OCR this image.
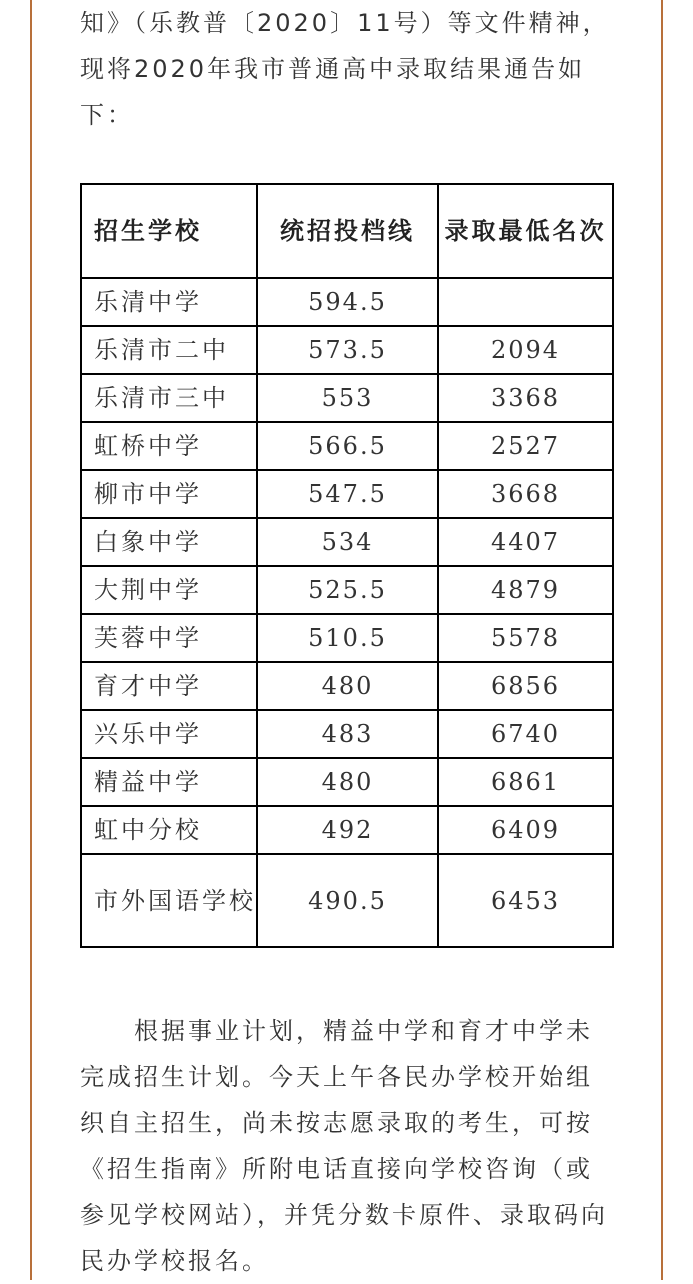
知》（乐教普〔2020〕11号）等文件精神，现将2020年我市普通高中录取结果通告如下：

招生学校	统招投档线	录取最低名次
乐清中学	594.5	
乐清市二中	573.5	2094
乐清市三中	553	3368
虹桥中学	566.5	2527
柳市中学	547.5	3668
白象中学	534	4407
大荆中学	525.5	4879
芙蓉中学	510.5	5578
育才中学	480	6856
兴乐中学	483	6740
精益中学	480	6861
虹中分校	492	6409
市外国语学校	490.5	6453

根据事业计划，精益中学和育才中学未完成招生计划。今天上午各民办学校开始组织自主招生，尚未按志愿录取的考生，可按《招生指南》所附电话直接向学校咨询（或参见学校网站），并凭分数卡原件、录取码向民办学校报名。
